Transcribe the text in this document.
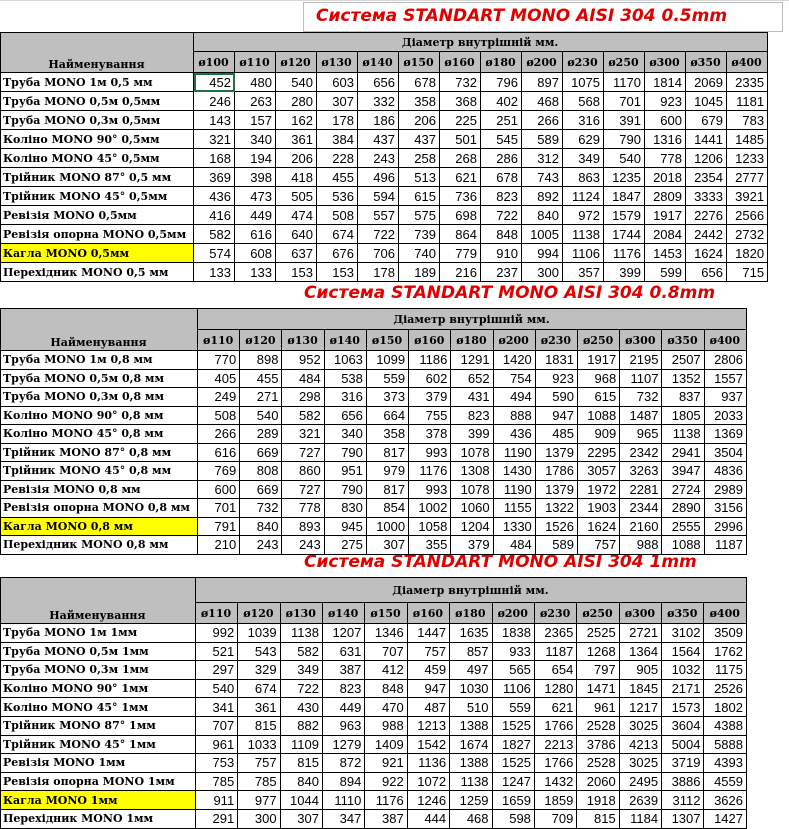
Система STANDART MONO AISI 304 0.5mm
Система STANDART MONO AISI 304 0.8mm
Система STANDART MONO AISI 304 1mm
Найменування	Діаметр внутрішній мм.													
	ø100	ø110	ø120	ø130	ø140	ø150	ø160	ø180	ø200	ø230	ø250	ø300	ø350	ø400
Труба MONO 1м 0,5 мм	452	480	540	603	656	678	732	796	897	1075	1170	1814	2069	2335
Труба MONO 0,5м 0,5мм	246	263	280	307	332	358	368	402	468	568	701	923	1045	1181
Труба MONO 0,3м 0,5мм	143	157	162	178	186	206	225	251	266	316	391	600	679	783
Коліно MONO 90° 0,5мм	321	340	361	384	437	437	501	545	589	629	790	1316	1441	1485
Коліно MONO 45° 0,5мм	168	194	206	228	243	258	268	286	312	349	540	778	1206	1233
Трійник MONO 87° 0,5 мм	369	398	418	455	496	513	621	678	743	863	1235	2018	2354	2777
Трійник MONO 45° 0,5мм	436	473	505	536	594	615	736	823	892	1124	1847	2809	3333	3921
Ревізія MONO 0,5мм	416	449	474	508	557	575	698	722	840	972	1579	1917	2276	2566
Ревізія опорна MONO 0,5мм	582	616	640	674	722	739	864	848	1005	1138	1744	2084	2442	2732
Кагла MONO 0,5мм	574	608	637	676	706	740	779	910	994	1106	1176	1453	1624	1820
Перехідник MONO 0,5 мм	133	133	153	153	178	189	216	237	300	357	399	599	656	715
Найменування	Діаметр внутрішній мм.												
	ø110	ø120	ø130	ø140	ø150	ø160	ø180	ø200	ø230	ø250	ø300	ø350	ø400
Труба MONO 1м 0,8 мм	770	898	952	1063	1099	1186	1291	1420	1831	1917	2195	2507	2806
Труба MONO 0,5м 0,8 мм	405	455	484	538	559	602	652	754	923	968	1107	1352	1557
Труба MONO 0,3м 0,8 мм	249	271	298	316	373	379	431	494	590	615	732	837	937
Коліно MONO 90° 0,8 мм	508	540	582	656	664	755	823	888	947	1088	1487	1805	2033
Коліно MONO 45° 0,8 мм	266	289	321	340	358	378	399	436	485	909	965	1138	1369
Трійник MONO 87° 0,8 мм	616	669	727	790	817	993	1078	1190	1379	2295	2342	2941	3504
Трійник MONO 45° 0,8 мм	769	808	860	951	979	1176	1308	1430	1786	3057	3263	3947	4836
Ревізія MONO 0,8 мм	600	669	727	790	817	993	1078	1190	1379	1972	2281	2724	2989
Ревізія опорна MONO 0,8 мм	701	732	778	830	854	1002	1060	1155	1322	1903	2344	2890	3156
Кагла MONO 0,8 мм	791	840	893	945	1000	1058	1204	1330	1526	1624	2160	2555	2996
Перехідник MONO 0,8 мм	210	243	243	275	307	355	379	484	589	757	988	1088	1187
Найменування	Діаметр внутрішній мм.												
	ø110	ø120	ø130	ø140	ø150	ø160	ø180	ø200	ø230	ø250	ø300	ø350	ø400
Труба MONO 1м 1мм	992	1039	1138	1207	1346	1447	1635	1838	2365	2525	2721	3102	3509
Труба MONO 0,5м 1мм	521	543	582	631	707	757	857	933	1187	1268	1364	1564	1762
Труба MONO 0,3м 1мм	297	329	349	387	412	459	497	565	654	797	905	1032	1175
Коліно MONO 90° 1мм	540	674	722	823	848	947	1030	1106	1280	1471	1845	2171	2526
Коліно MONO 45° 1мм	341	361	430	449	470	487	510	559	621	961	1217	1573	1802
Трійник MONO 87° 1мм	707	815	882	963	988	1213	1388	1525	1766	2528	3025	3604	4388
Трійник MONO 45° 1мм	961	1033	1109	1279	1409	1542	1674	1827	2213	3786	4213	5004	5888
Ревізія MONO 1мм	753	757	815	872	921	1136	1388	1525	1766	2528	3025	3719	4393
Ревізія опорна MONO 1мм	785	785	840	894	922	1072	1138	1247	1432	2060	2495	3886	4559
Кагла MONO 1мм	911	977	1044	1110	1176	1246	1259	1659	1859	1918	2639	3112	3626
Перехідник MONO 1мм	291	300	307	347	387	444	468	598	709	815	1184	1307	1427
